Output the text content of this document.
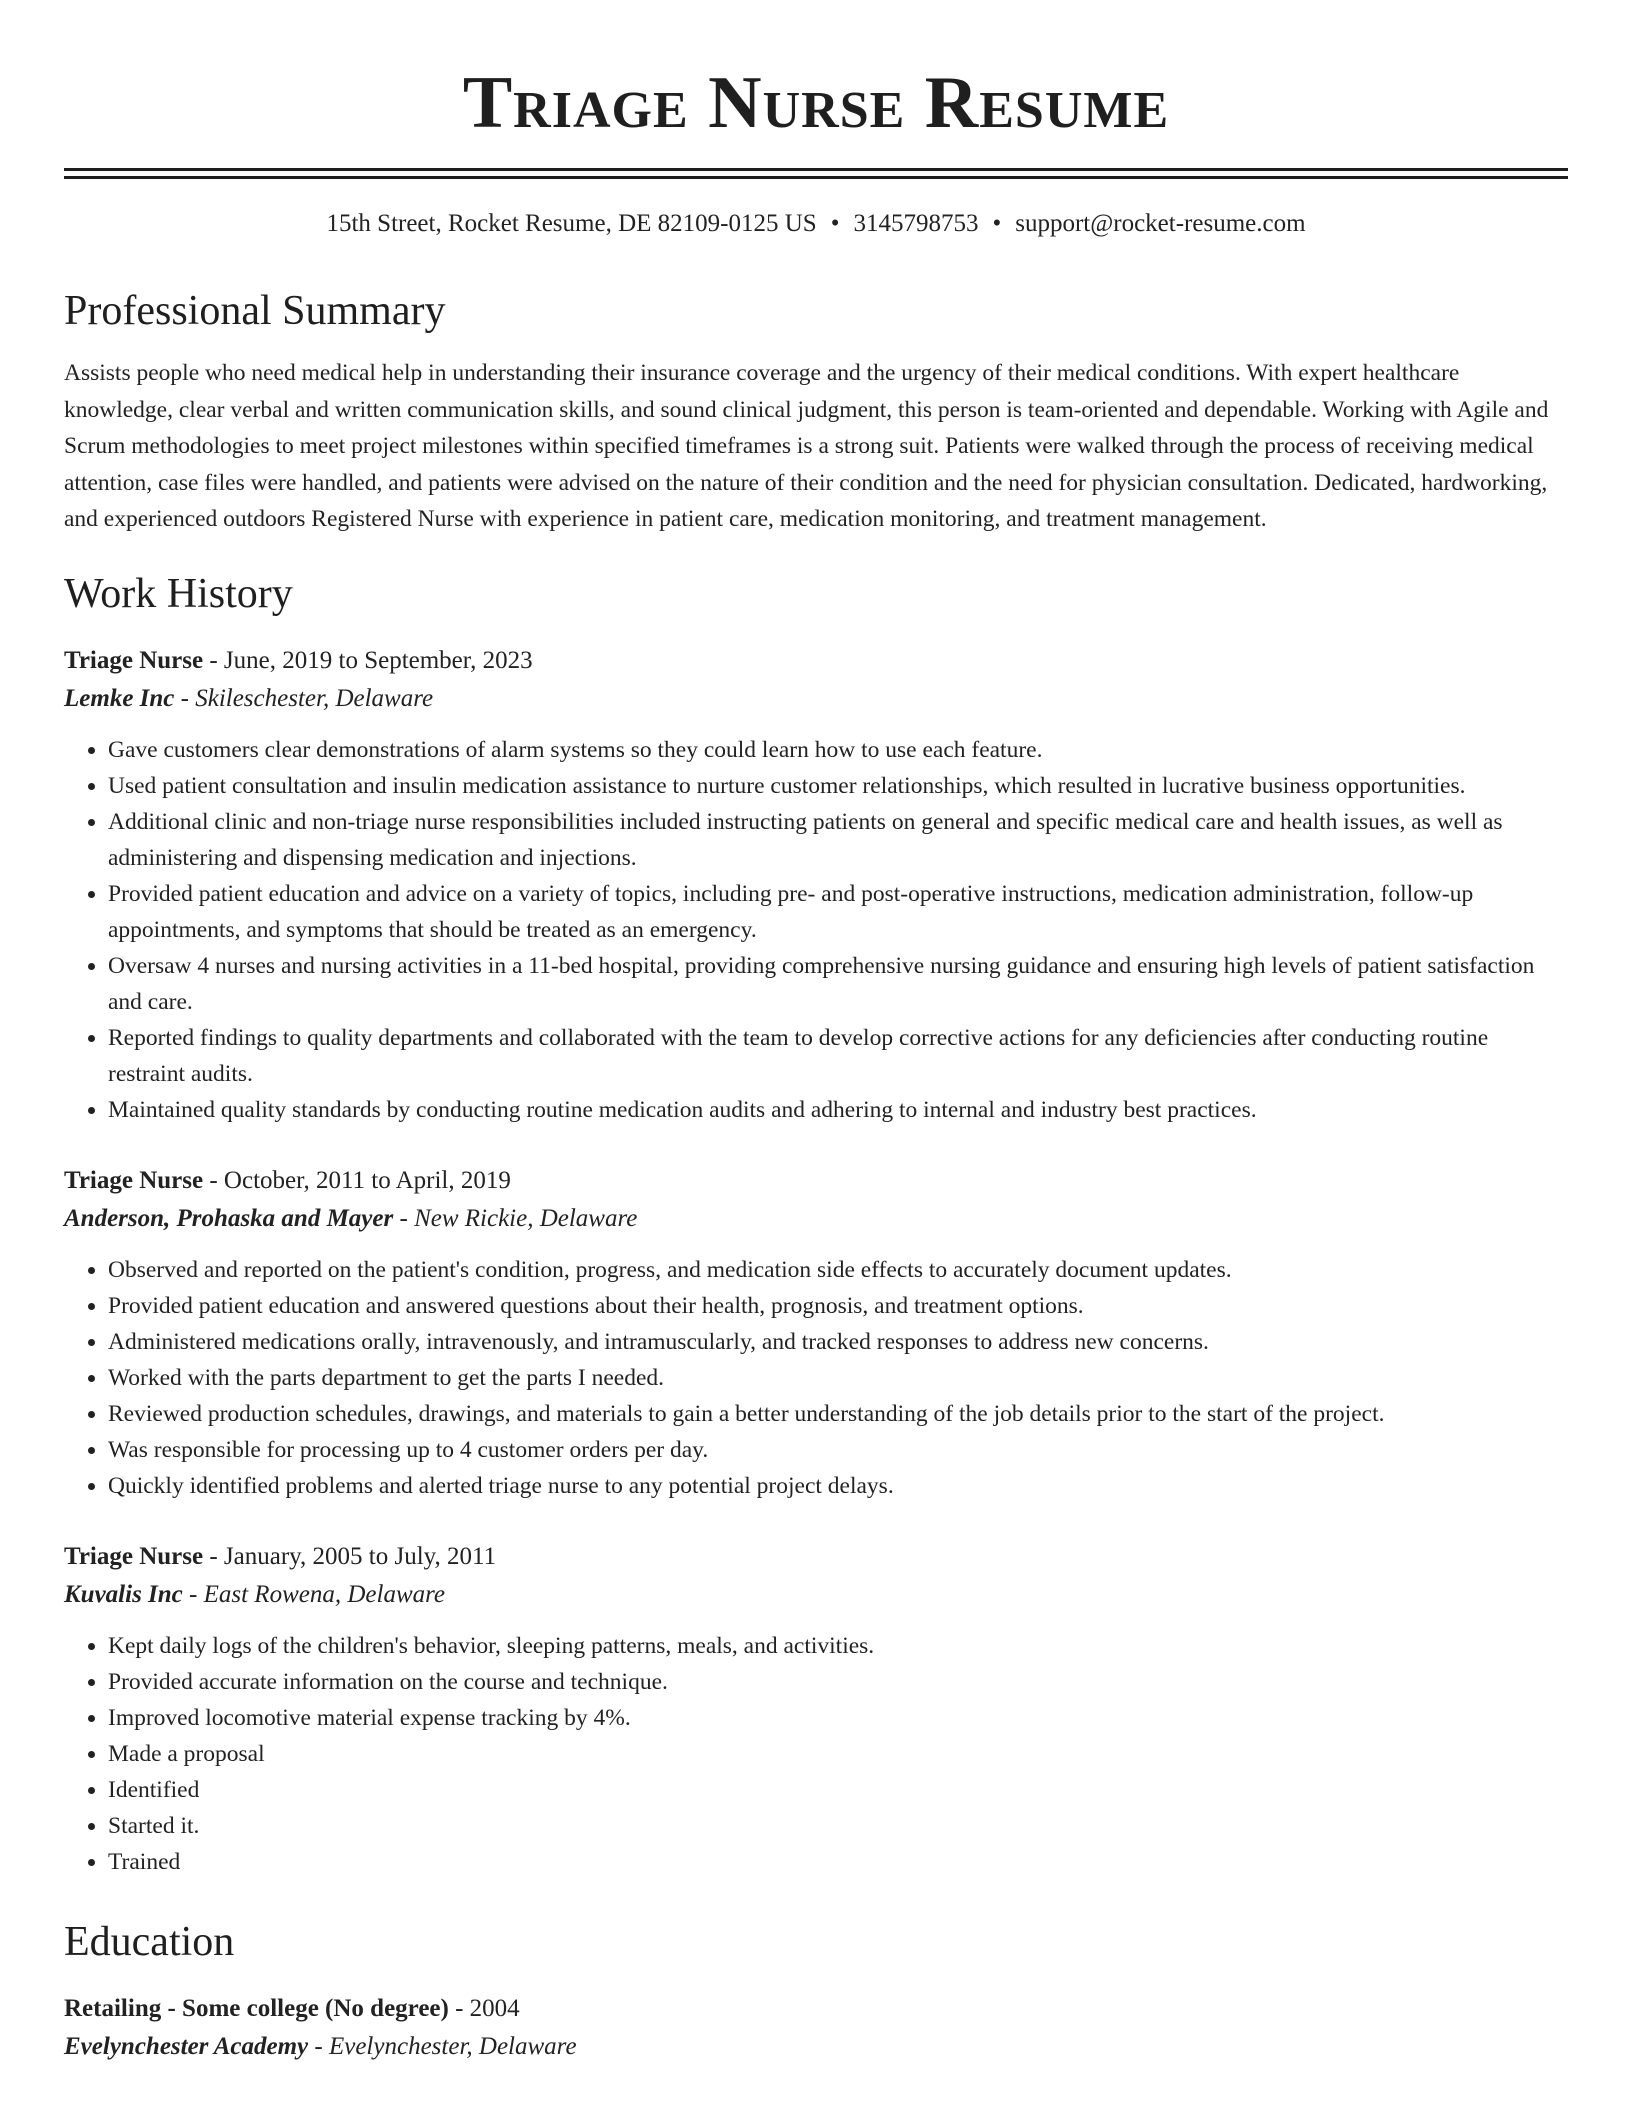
Triage Nurse Resume
15th Street, Rocket Resume, DE 82109-0125 US • 3145798753 • support@rocket-resume.com
Professional Summary

Assists people who need medical help in understanding their insurance coverage and the urgency of their medical conditions. With expert healthcare knowledge, clear verbal and written communication skills, and sound clinical judgment, this person is team-oriented and dependable. Working with Agile and Scrum methodologies to meet project milestones within specified timeframes is a strong suit. Patients were walked through the process of receiving medical attention, case files were handled, and patients were advised on the nature of their condition and the need for physician consultation. Dedicated, hardworking, and experienced outdoors Registered Nurse with experience in patient care, medication monitoring, and treatment management.

Work History
Triage Nurse - June, 2019 to September, 2023
Lemke Inc - Skileschester, Delaware
• Gave customers clear demonstrations of alarm systems so they could learn how to use each feature.
• Used patient consultation and insulin medication assistance to nurture customer relationships, which resulted in lucrative business opportunities.
• Additional clinic and non-triage nurse responsibilities included instructing patients on general and specific medical care and health issues, as well as administering and dispensing medication and injections.
• Provided patient education and advice on a variety of topics, including pre- and post-operative instructions, medication administration, follow-up appointments, and symptoms that should be treated as an emergency.
• Oversaw 4 nurses and nursing activities in a 11-bed hospital, providing comprehensive nursing guidance and ensuring high levels of patient satisfaction and care.
• Reported findings to quality departments and collaborated with the team to develop corrective actions for any deficiencies after conducting routine restraint audits.
• Maintained quality standards by conducting routine medication audits and adhering to internal and industry best practices.
Triage Nurse - October, 2011 to April, 2019
Anderson, Prohaska and Mayer - New Rickie, Delaware
• Observed and reported on the patient's condition, progress, and medication side effects to accurately document updates.
• Provided patient education and answered questions about their health, prognosis, and treatment options.
• Administered medications orally, intravenously, and intramuscularly, and tracked responses to address new concerns.
• Worked with the parts department to get the parts I needed.
• Reviewed production schedules, drawings, and materials to gain a better understanding of the job details prior to the start of the project.
• Was responsible for processing up to 4 customer orders per day.
• Quickly identified problems and alerted triage nurse to any potential project delays.
Triage Nurse - January, 2005 to July, 2011
Kuvalis Inc - East Rowena, Delaware
• Kept daily logs of the children's behavior, sleeping patterns, meals, and activities.
• Provided accurate information on the course and technique.
• Improved locomotive material expense tracking by 4%.
• Made a proposal
• Identified
• Started it.
• Trained
Education
Retailing - Some college (No degree) - 2004
Evelynchester Academy - Evelynchester, Delaware
